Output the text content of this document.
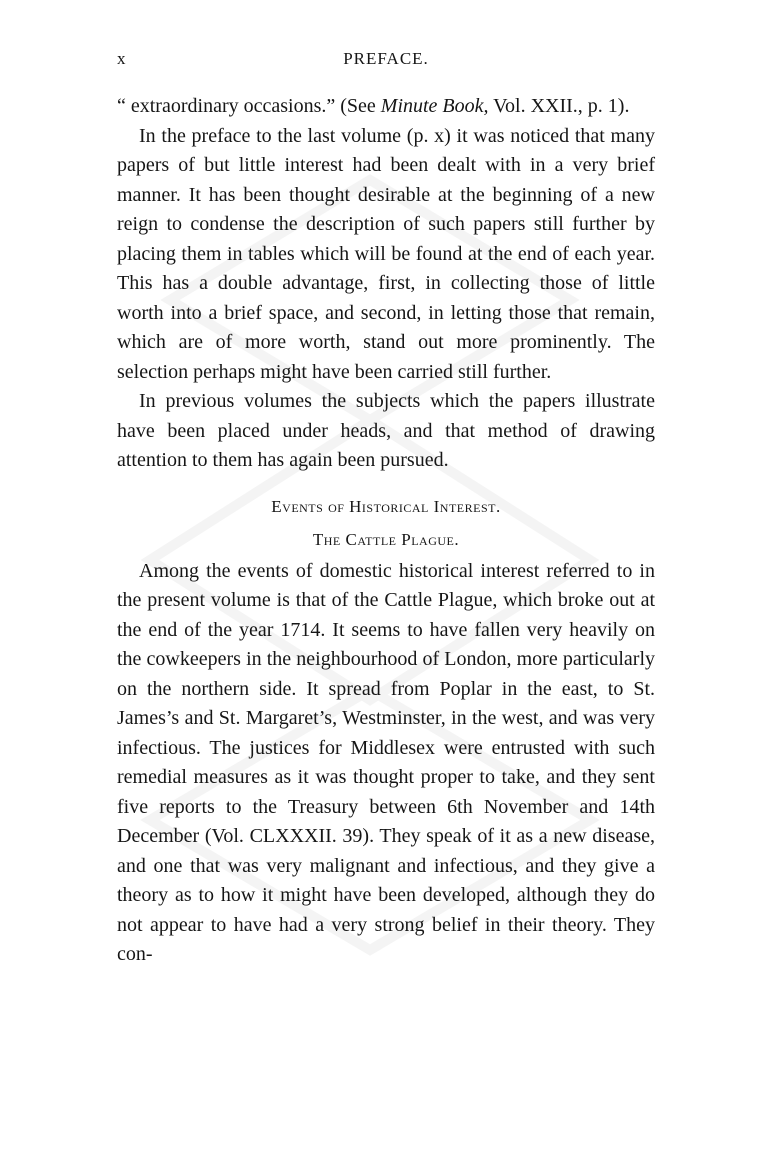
x	PREFACE.

“ extraordinary occasions.” (See Minute Book, Vol. XXII., p. 1).

In the preface to the last volume (p. x) it was noticed that many papers of but little interest had been dealt with in a very brief manner. It has been thought desirable at the beginning of a new reign to condense the description of such papers still further by placing them in tables which will be found at the end of each year. This has a double advantage, first, in collecting those of little worth into a brief space, and second, in letting those that remain, which are of more worth, stand out more prominently. The selection perhaps might have been carried still further.

In previous volumes the subjects which the papers illustrate have been placed under heads, and that method of drawing attention to them has again been pursued.

Events of Historical Interest.
The Cattle Plague.

Among the events of domestic historical interest referred to in the present volume is that of the Cattle Plague, which broke out at the end of the year 1714. It seems to have fallen very heavily on the cowkeepers in the neighbourhood of London, more particularly on the northern side. It spread from Poplar in the east, to St. James’s and St. Margaret’s, Westminster, in the west, and was very infectious. The justices for Middlesex were entrusted with such remedial measures as it was thought proper to take, and they sent five reports to the Treasury between 6th November and 14th December (Vol. CLXXXII. 39). They speak of it as a new disease, and one that was very malignant and infectious, and they give a theory as to how it might have been developed, although they do not appear to have had a very strong belief in their theory. They con-
